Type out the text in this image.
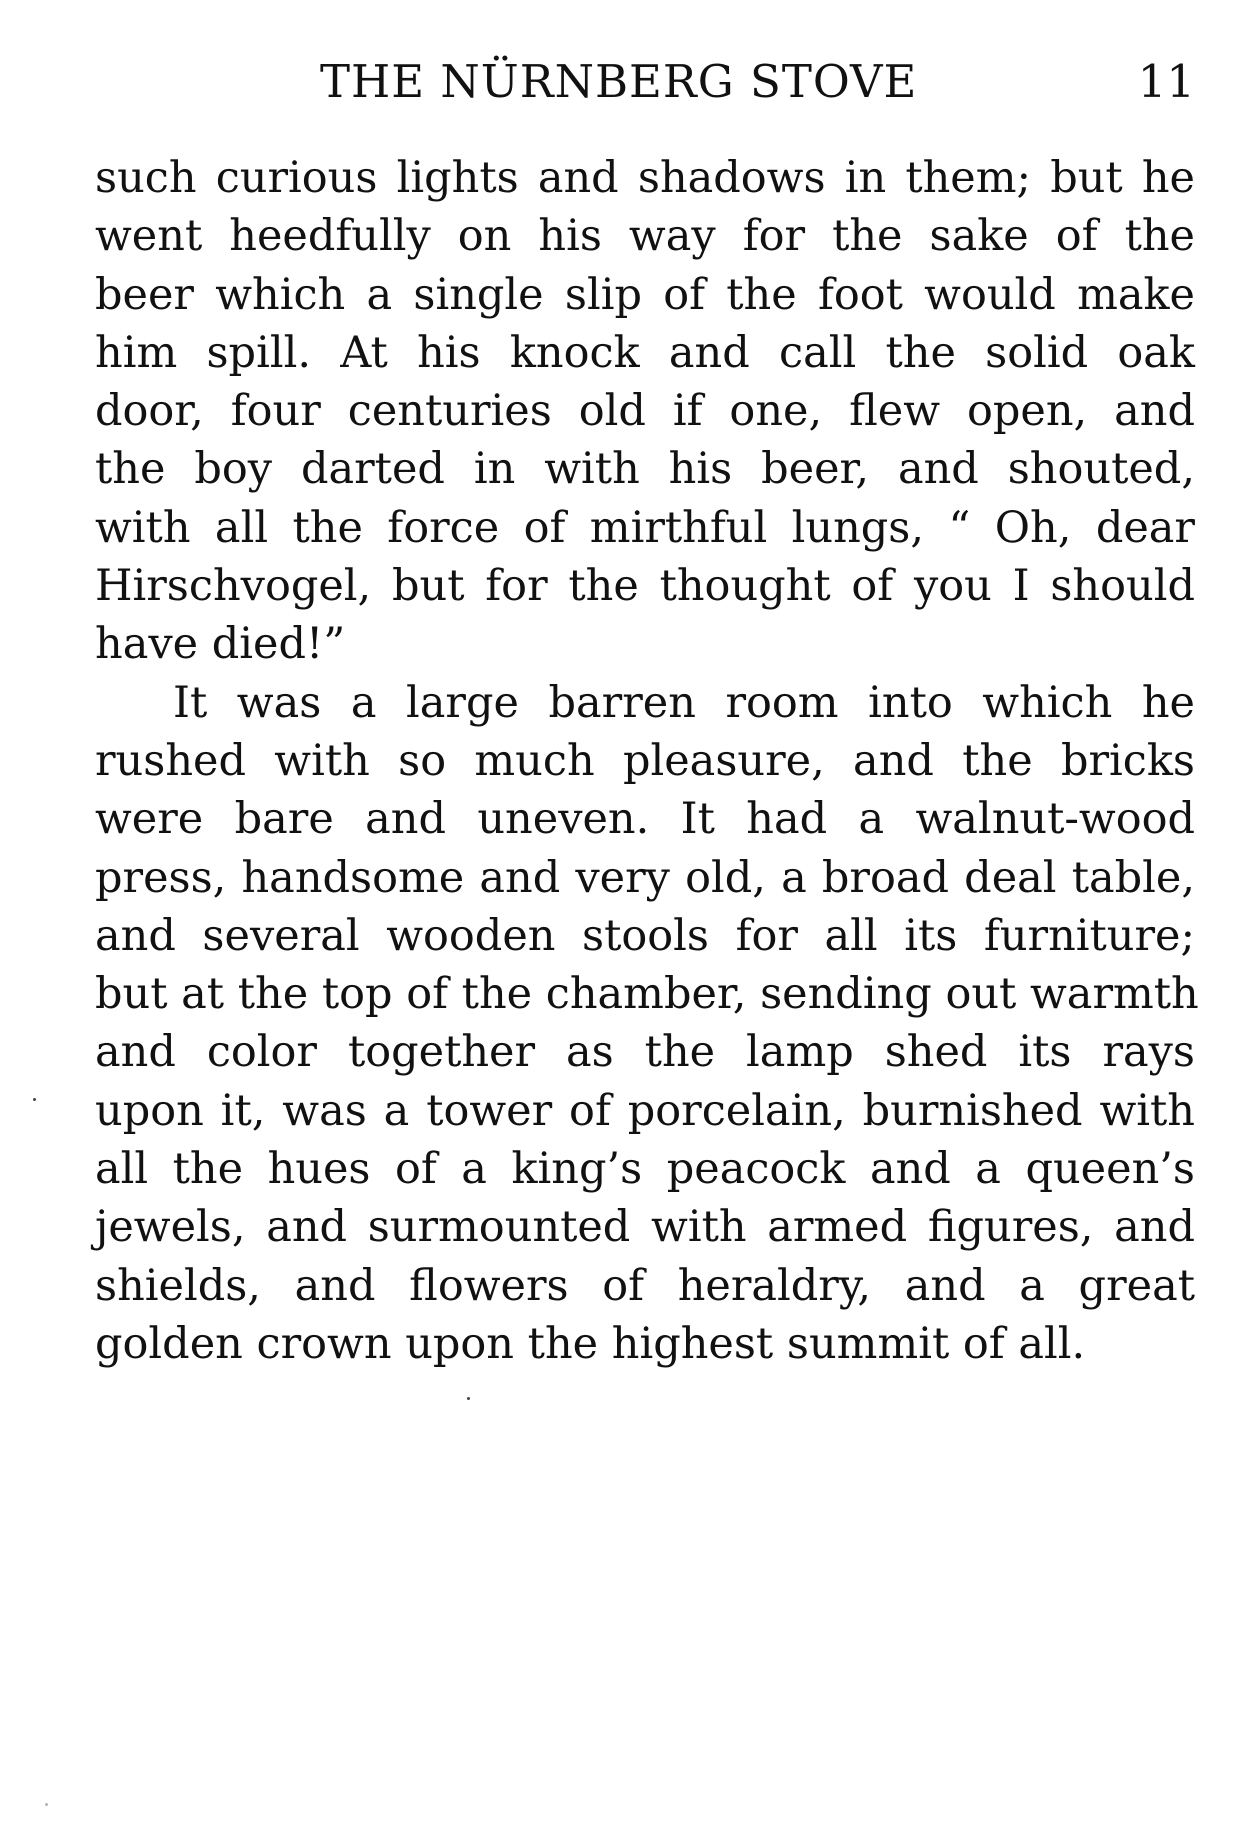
THE NÜRNBERG STOVE	11
such curious lights and shadows in them; but he
went heedfully on his way for the sake of the
beer which a single slip of the foot would make
him spill. At his knock and call the solid oak
door, four centuries old if one, flew open, and
the boy darted in with his beer, and shouted,
with all the force of mirthful lungs, “ Oh, dear
Hirschvogel, but for the thought of you I should
have died!”
It was a large barren room into which he
rushed with so much pleasure, and the bricks
were bare and uneven. It had a walnut-wood
press, handsome and very old, a broad deal table,
and several wooden stools for all its furniture;
but at the top of the chamber, sending out warmth
and color together as the lamp shed its rays
upon it, was a tower of porcelain, burnished with
all the hues of a king’s peacock and a queen’s
jewels, and surmounted with armed figures, and
shields, and flowers of heraldry, and a great
golden crown upon the highest summit of all.
